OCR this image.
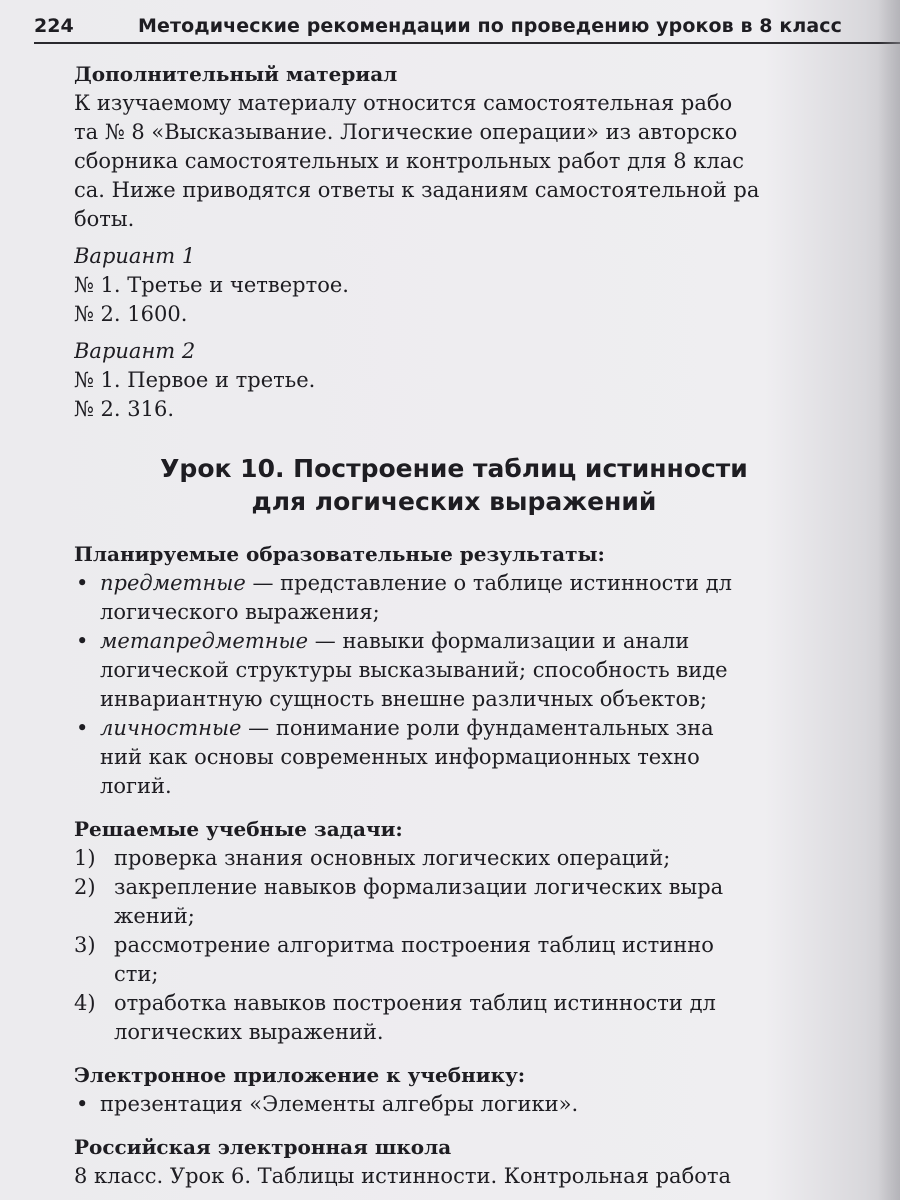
224	Методические рекомендации по проведению уроков в 8 класс
Дополнительный материал
К изучаемому материалу относится самостоятельная рабо
та № 8 «Высказывание. Логические операции» из авторско
сборника самостоятельных и контрольных работ для 8 клас
са. Ниже приводятся ответы к заданиям самостоятельной ра
боты.
Вариант 1
№ 1. Третье и четвертое.
№ 2. 1600.
Вариант 2
№ 1. Первое и третье.
№ 2. 316.
Урок 10. Построение таблиц истинности
для логических выражений
Планируемые образовательные результаты:
• предметные — представление о таблице истинности дл
логического выражения;
• метапредметные — навыки формализации и анали
логической структуры высказываний; способность виде
инвариантную сущность внешне различных объектов;
• личностные — понимание роли фундаментальных зна
ний как основы современных информационных техно
логий.
Решаемые учебные задачи:
1) проверка знания основных логических операций;
2) закрепление навыков формализации логических выра
жений;
3) рассмотрение алгоритма построения таблиц истинно
сти;
4) отработка навыков построения таблиц истинности дл
логических выражений.
Электронное приложение к учебнику:
• презентация «Элементы алгебры логики».
Российская электронная школа
8 класс. Урок 6. Таблицы истинности. Контрольная работа
